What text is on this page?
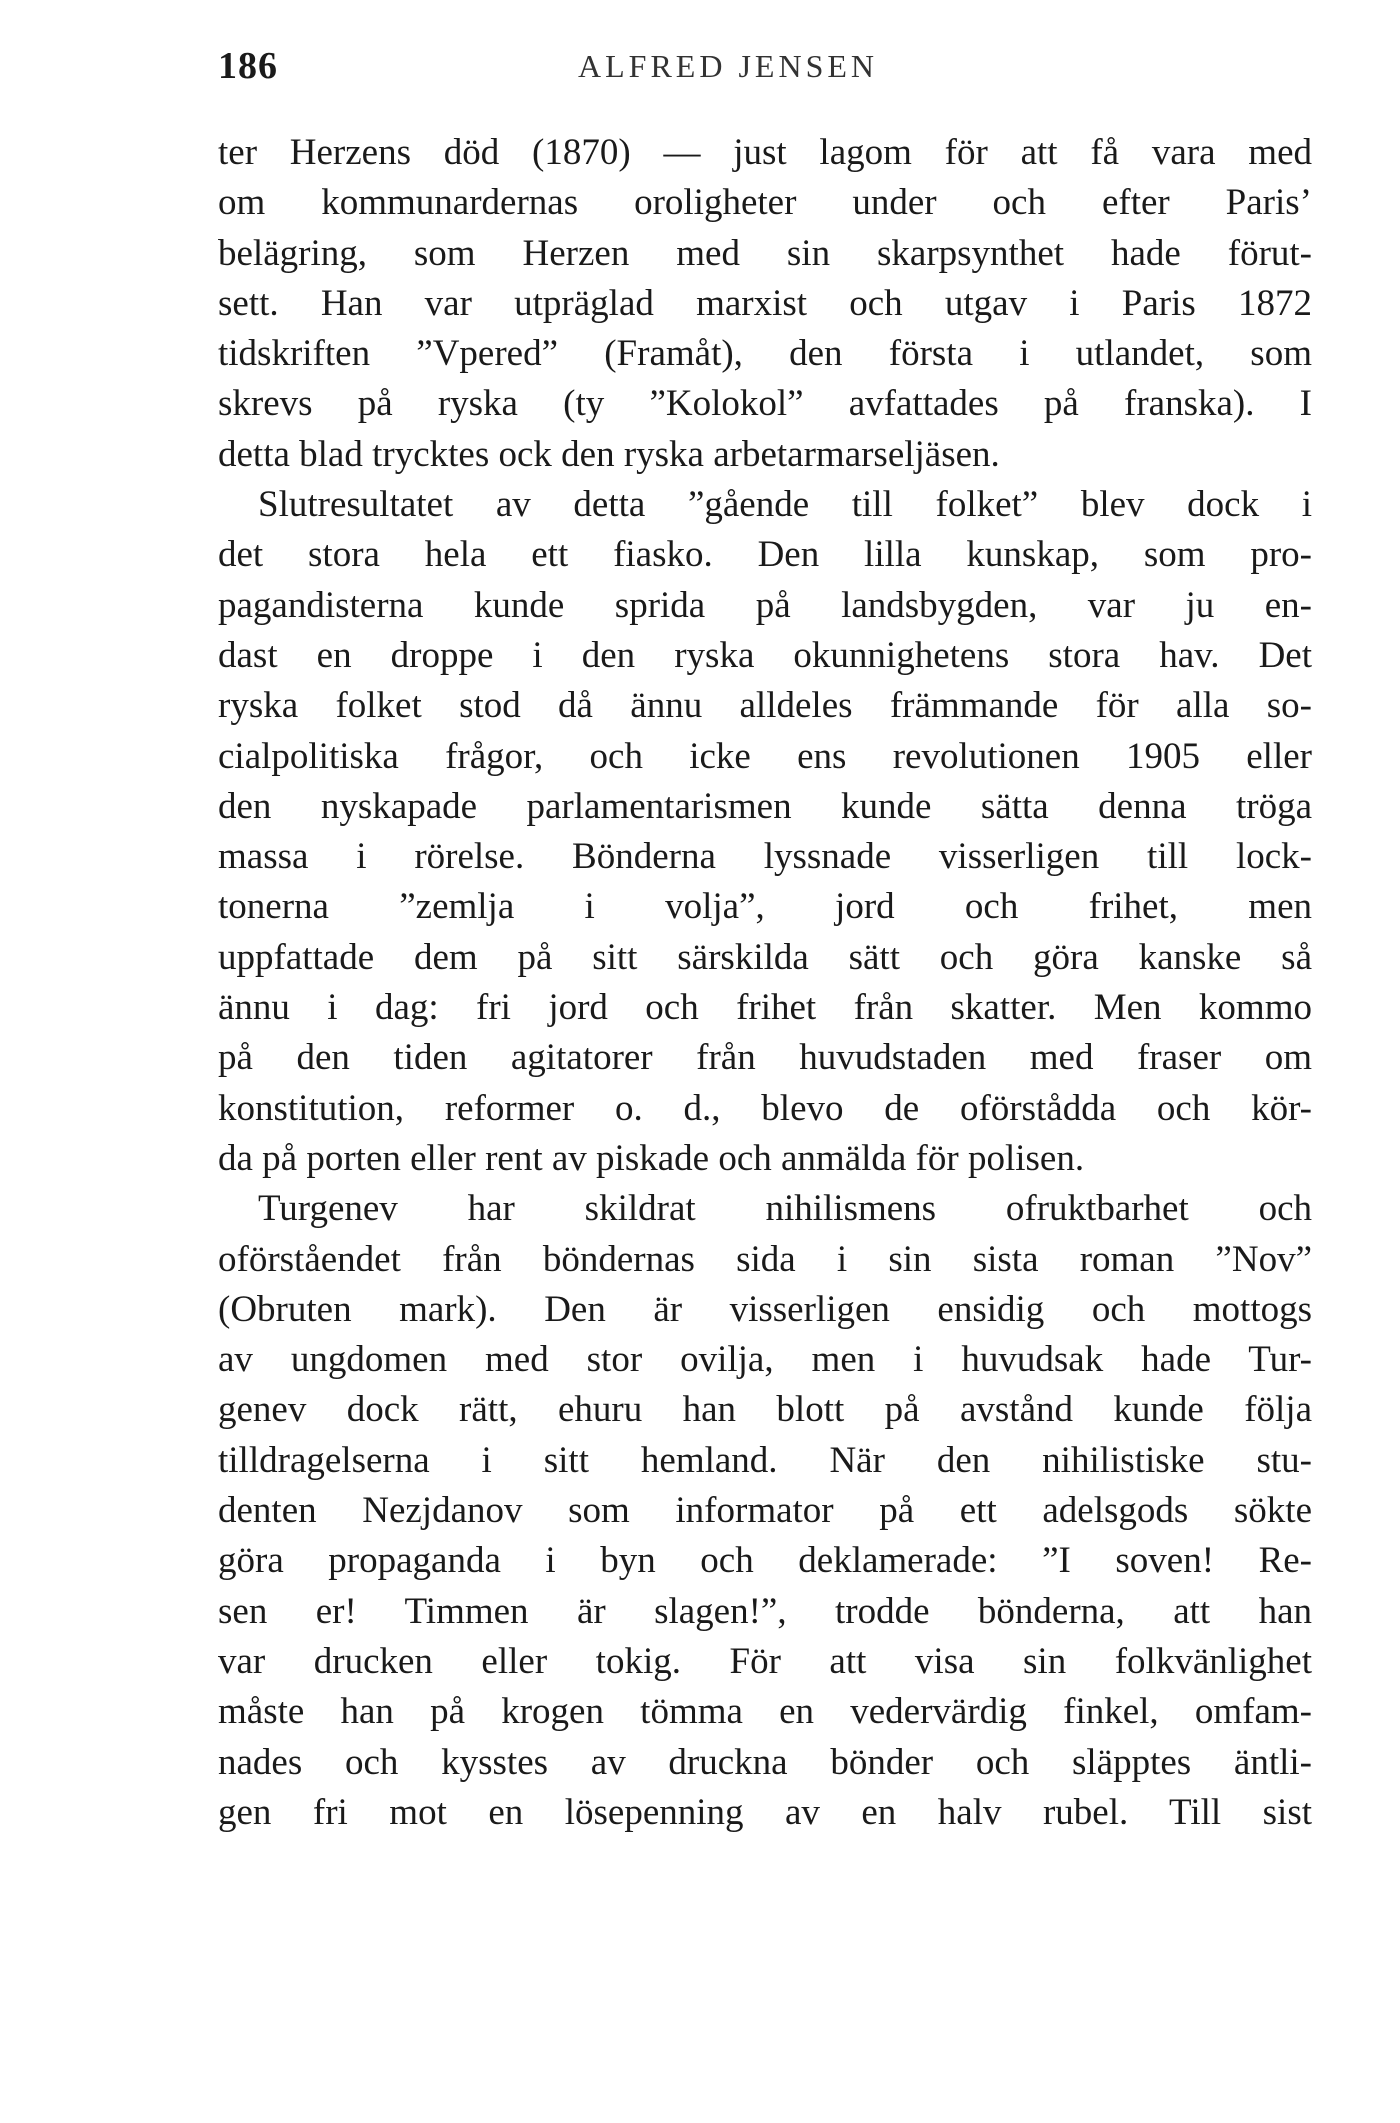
186	ALFRED JENSEN
ter Herzens död (1870) — just lagom för att få vara med
om kommunardernas oroligheter under och efter Paris’
belägring, som Herzen med sin skarpsynthet hade förut-
sett. Han var utpräglad marxist och utgav i Paris 1872
tidskriften ”Vpered” (Framåt), den första i utlandet, som
skrevs på ryska (ty ”Kolokol” avfattades på franska). I
detta blad trycktes ock den ryska arbetarmarseljäsen.
Slutresultatet av detta ”gående till folket” blev dock i
det stora hela ett fiasko. Den lilla kunskap, som pro-
pagandisterna kunde sprida på landsbygden, var ju en-
dast en droppe i den ryska okunnighetens stora hav. Det
ryska folket stod då ännu alldeles främmande för alla so-
cialpolitiska frågor, och icke ens revolutionen 1905 eller
den nyskapade parlamentarismen kunde sätta denna tröga
massa i rörelse. Bönderna lyssnade visserligen till lock-
tonerna ”zemlja i volja”, jord och frihet, men
uppfattade dem på sitt särskilda sätt och göra kanske så
ännu i dag: fri jord och frihet från skatter. Men kommo
på den tiden agitatorer från huvudstaden med fraser om
konstitution, reformer o. d., blevo de oförstådda och kör-
da på porten eller rent av piskade och anmälda för polisen.
Turgenev har skildrat nihilismens ofruktbarhet och
oförståendet från böndernas sida i sin sista roman ”Nov”
(Obruten mark). Den är visserligen ensidig och mottogs
av ungdomen med stor ovilja, men i huvudsak hade Tur-
genev dock rätt, ehuru han blott på avstånd kunde följa
tilldragelserna i sitt hemland. När den nihilistiske stu-
denten Nezjdanov som informator på ett adelsgods sökte
göra propaganda i byn och deklamerade: ”I soven! Re-
sen er! Timmen är slagen!”, trodde bönderna, att han
var drucken eller tokig. För att visa sin folkvänlighet
måste han på krogen tömma en vedervärdig finkel, omfam-
nades och kysstes av druckna bönder och släpptes äntli-
gen fri mot en lösepenning av en halv rubel. Till sist
